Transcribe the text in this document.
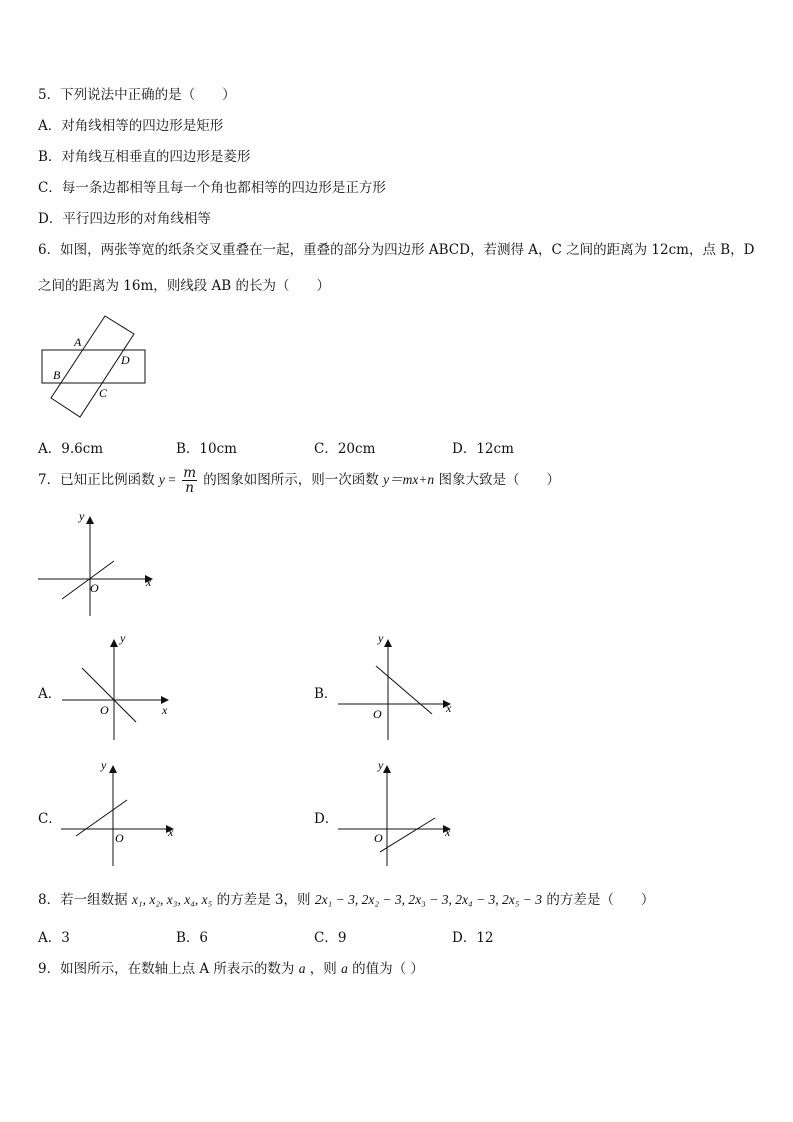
5．下列说法中正确的是（　　）
A．对角线相等的四边形是矩形
B．对角线互相垂直的四边形是菱形
C．每一条边都相等且每一个角也都相等的四边形是正方形
D．平行四边形的对角线相等
6．如图，两张等宽的纸条交叉重叠在一起，重叠的部分为四边形 ABCD，若测得 A，C 之间的距离为 12cm，点 B，D
之间的距离为 16m，则线段 AB 的长为（　　）
A
D
B
C
A．9.6cm	B．10cm	C．20cm	D．12cm
7．已知正比例函数 $y = \frac{m}{n}$ 的图象如图所示，则一次函数 y＝mx+n 图象大致是（　　）
y
x
O
A．
y
x
O
B．
y
x
O
C．
y
x
O
D．
y
x
O
8．若一组数据 x₁, x₂, x₃, x₄, x₅ 的方差是 3，则 2x₁ − 3, 2x₂ − 3, 2x₃ − 3, 2x₄ − 3, 2x₅ − 3 的方差是（　　）
A．3	B．6	C．9	D．12
9．如图所示，在数轴上点 A 所表示的数为 a ，则 a 的值为（ ）
